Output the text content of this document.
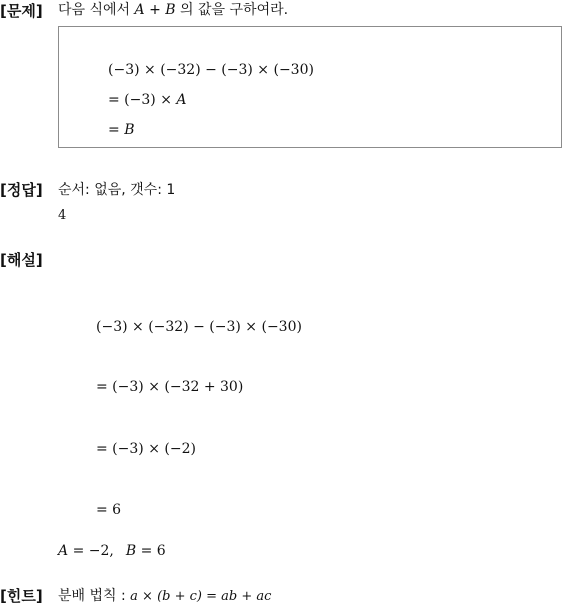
[문제] 다음 식에서 A + B 의 값을 구하여라.
(−3) × (−32) − (−3) × (−30)
= (−3) × A
= B
[정답] 순서: 없음, 갯수: 1
4
[해설]
(−3) × (−32) − (−3) × (−30)
= (−3) × (−32 + 30)
= (−3) × (−2)
= 6
A = −2, B = 6
[힌트] 분배 법칙 : a × (b + c) = ab + ac
